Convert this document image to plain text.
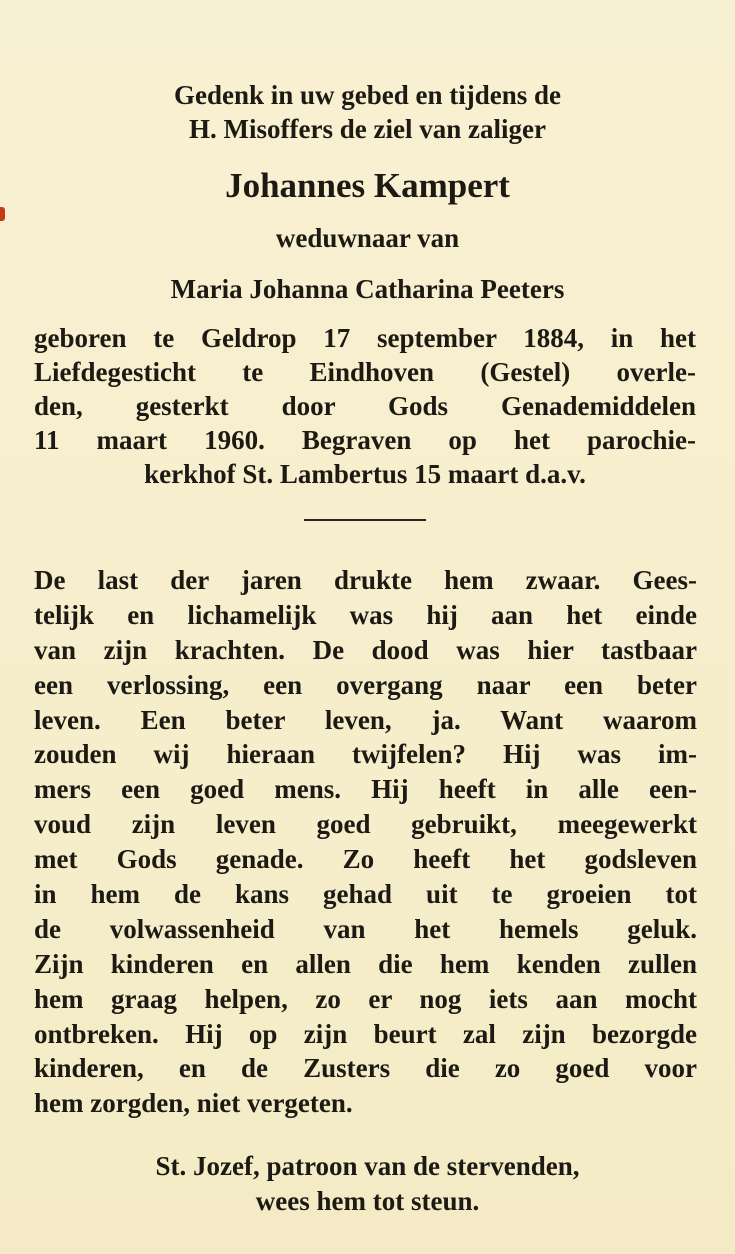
Gedenk in uw gebed en tijdens de
H. Misoffers de ziel van zaliger
Johannes Kampert
weduwnaar van
Maria Johanna Catharina Peeters
geboren te Geldrop 17 september 1884, in het
Liefdegesticht te Eindhoven (Gestel) overle-
den, gesterkt door Gods Genademiddelen
11 maart 1960. Begraven op het parochie-
kerkhof St. Lambertus 15 maart d.a.v.
De last der jaren drukte hem zwaar. Gees-
telijk en lichamelijk was hij aan het einde
van zijn krachten. De dood was hier tastbaar
een verlossing, een overgang naar een beter
leven. Een beter leven, ja. Want waarom
zouden wij hieraan twijfelen? Hij was im-
mers een goed mens. Hij heeft in alle een-
voud zijn leven goed gebruikt, meegewerkt
met Gods genade. Zo heeft het godsleven
in hem de kans gehad uit te groeien tot
de volwassenheid van het hemels geluk.
Zijn kinderen en allen die hem kenden zullen
hem graag helpen, zo er nog iets aan mocht
ontbreken. Hij op zijn beurt zal zijn bezorgde
kinderen, en de Zusters die zo goed voor
hem zorgden, niet vergeten.
St. Jozef, patroon van de stervenden,
wees hem tot steun.
